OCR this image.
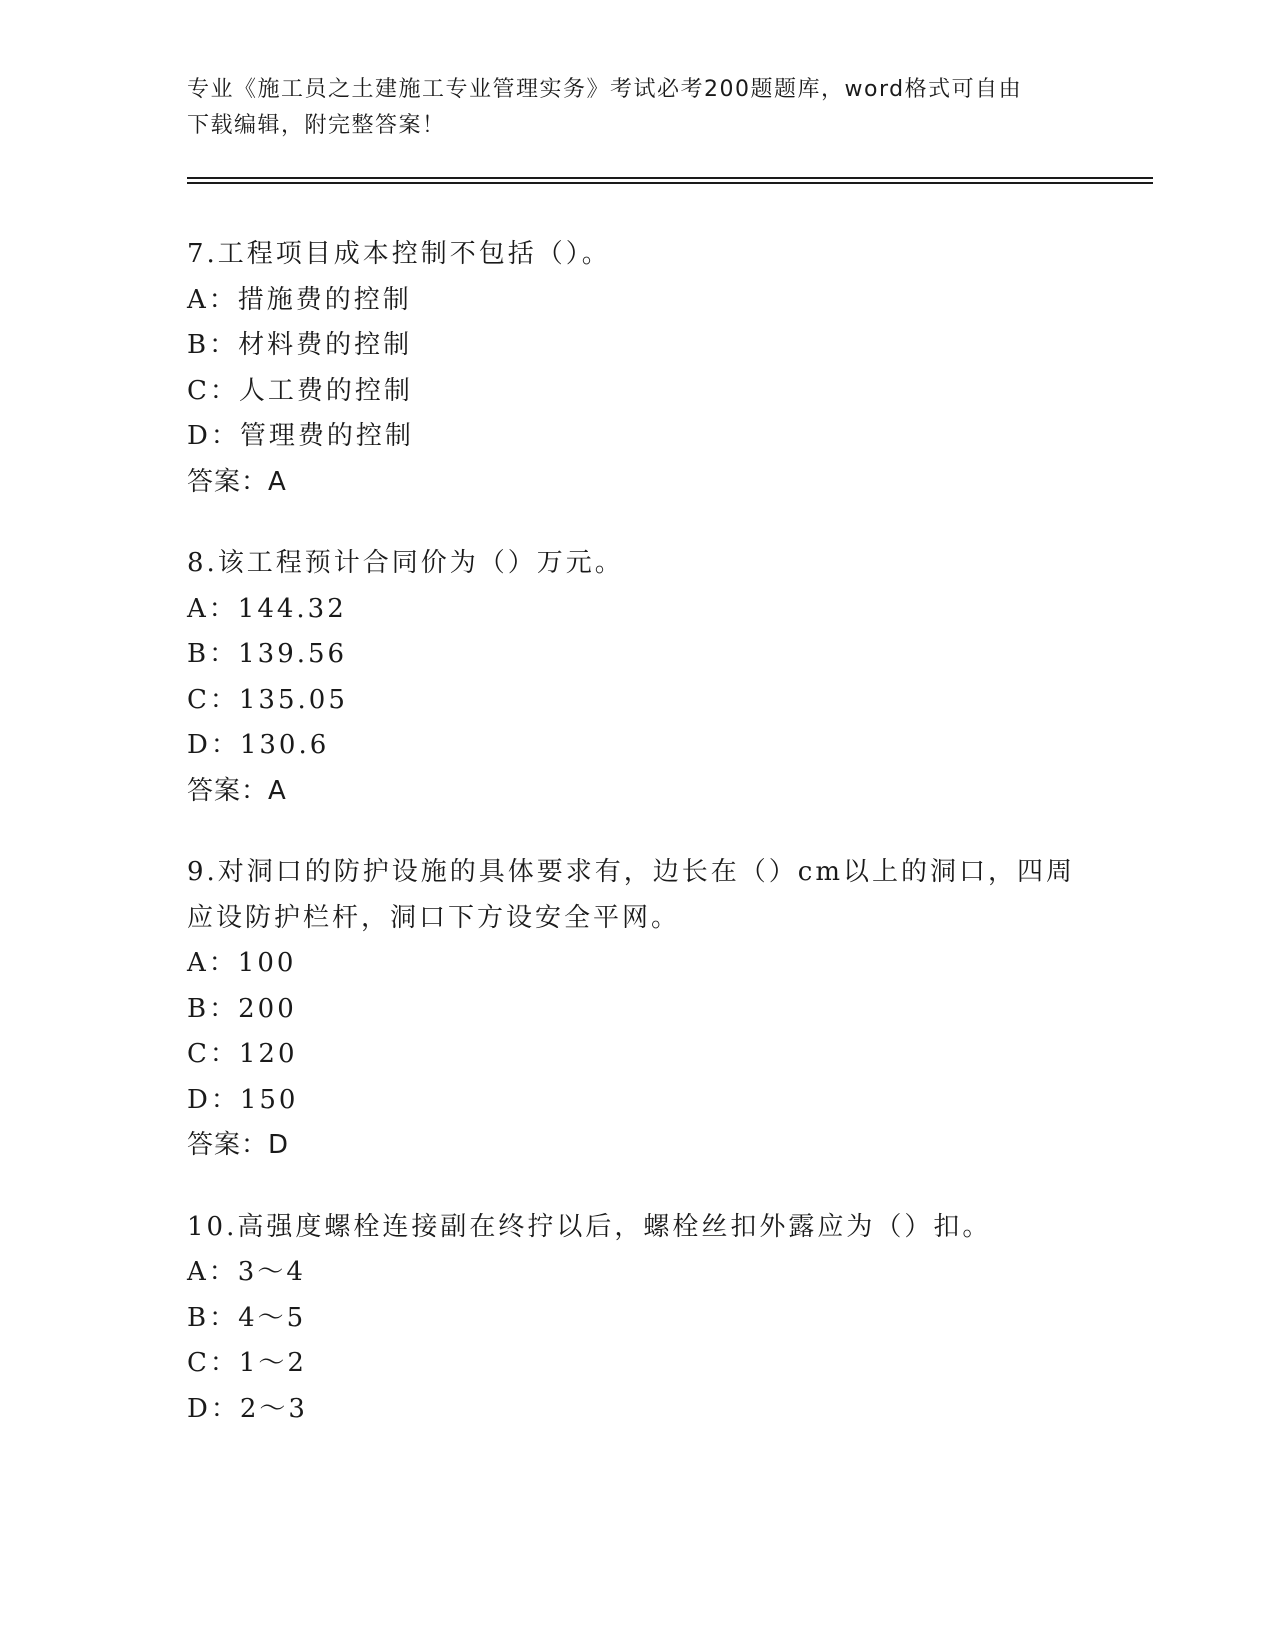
专业《施工员之土建施工专业管理实务》考试必考200题题库，word格式可自由
下载编辑，附完整答案！
7.工程项目成本控制不包括（）。
A：措施费的控制
B：材料费的控制
C：人工费的控制
D：管理费的控制
答案：A
8.该工程预计合同价为（）万元。
A：144.32
B：139.56
C：135.05
D：130.6
答案：A
9.对洞口的防护设施的具体要求有，边长在（）cm以上的洞口，四周
应设防护栏杆，洞口下方设安全平网。
A：100
B：200
C：120
D：150
答案：D
10.高强度螺栓连接副在终拧以后，螺栓丝扣外露应为（）扣。
A：3～4
B：4～5
C：1～2
D：2～3
